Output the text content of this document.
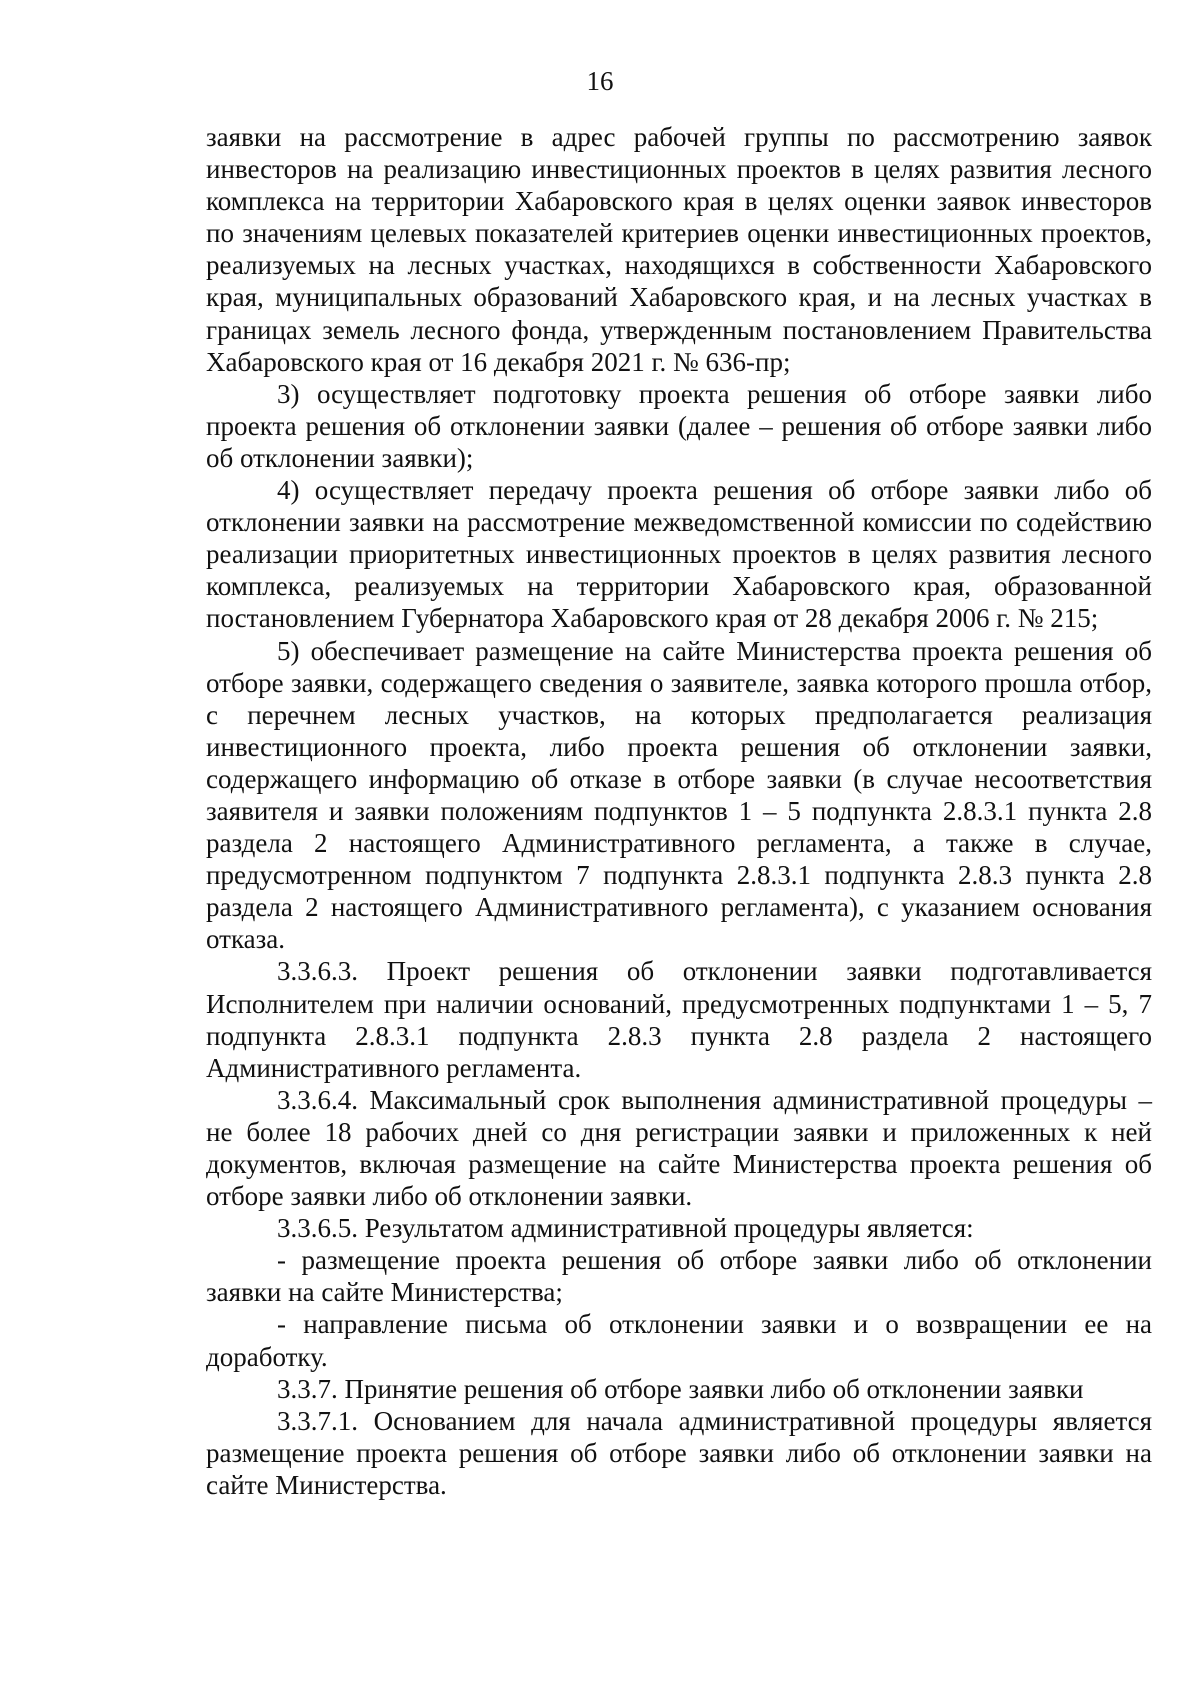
16

заявки на рассмотрение в адрес рабочей группы по рассмотрению заявок инвесторов на реализацию инвестиционных проектов в целях развития лесного комплекса на территории Хабаровского края в целях оценки заявок инвесторов по значениям целевых показателей критериев оценки инвестиционных проектов, реализуемых на лесных участках, находящихся в собственности Хабаровского края, муниципальных образований Хабаровского края, и на лесных участках в границах земель лесного фонда, утвержденным постановлением Правительства Хабаровского края от 16 декабря 2021 г. № 636-пр;

3) осуществляет подготовку проекта решения об отборе заявки либо проекта решения об отклонении заявки (далее – решения об отборе заявки либо об отклонении заявки);

4) осуществляет передачу проекта решения об отборе заявки либо об отклонении заявки на рассмотрение межведомственной комиссии по содействию реализации приоритетных инвестиционных проектов в целях развития лесного комплекса, реализуемых на территории Хабаровского края, образованной постановлением Губернатора Хабаровского края от 28 декабря 2006 г. № 215;

5) обеспечивает размещение на сайте Министерства проекта решения об отборе заявки, содержащего сведения о заявителе, заявка которого прошла отбор, с перечнем лесных участков, на которых предполагается реализация инвестиционного проекта, либо проекта решения об отклонении заявки, содержащего информацию об отказе в отборе заявки (в случае несоответствия заявителя и заявки положениям подпунктов 1 – 5 подпункта 2.8.3.1 пункта 2.8 раздела 2 настоящего Административного регламента, а также в случае, предусмотренном подпунктом 7 подпункта 2.8.3.1 подпункта 2.8.3 пункта 2.8 раздела 2 настоящего Административного регламента), с указанием основания отказа.

3.3.6.3. Проект решения об отклонении заявки подготавливается Исполнителем при наличии оснований, предусмотренных подпунктами 1 – 5, 7 подпункта 2.8.3.1 подпункта 2.8.3 пункта 2.8 раздела 2 настоящего Административного регламента.

3.3.6.4. Максимальный срок выполнения административной процедуры – не более 18 рабочих дней со дня регистрации заявки и приложенных к ней документов, включая размещение на сайте Министерства проекта решения об отборе заявки либо об отклонении заявки.

3.3.6.5. Результатом административной процедуры является:

- размещение проекта решения об отборе заявки либо об отклонении заявки на сайте Министерства;

- направление письма об отклонении заявки и о возвращении ее на доработку.

3.3.7. Принятие решения об отборе заявки либо об отклонении заявки

3.3.7.1. Основанием для начала административной процедуры является размещение проекта решения об отборе заявки либо об отклонении заявки на сайте Министерства.
